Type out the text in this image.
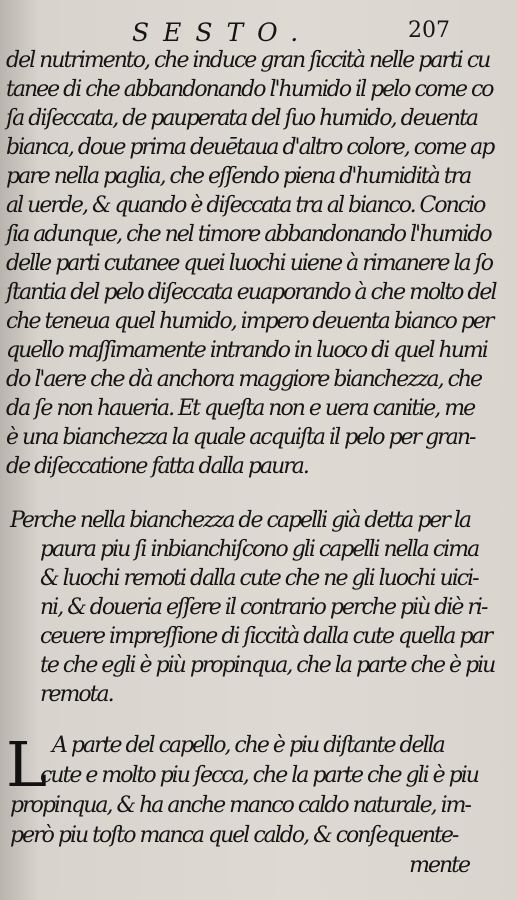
SESTO.	207
del nutrimento, che induce gran ſiccità nelle parti cu
tanee di che abbandonando l'humido il pelo come co
ſa diſeccata, de pauperata del ſuo humido, deuenta
bianca, doue prima deuētaua d'altro colore, come ap
pare nella paglia, che eſſendo piena d'humidità tra
al uerde, & quando è diſeccata tra al bianco. Concio
ſia adunque, che nel timore abbandonando l'humido
delle parti cutanee quei luochi uiene à rimanere la ſo
ſtantia del pelo diſeccata euaporando à che molto del
che teneua quel humido, impero deuenta bianco per
quello maſſimamente intrando in luoco di quel humi
do l'aere che dà anchora maggiore bianchezza, che
da ſe non haueria. Et queſta non e uera canitie, me
è una bianchezza la quale acquiſta il pelo per gran-
de diſeccatione fatta dalla paura.
Perche nella bianchezza de capelli già detta per la
paura piu ſi inbianchiſcono gli capelli nella cima
& luochi remoti dalla cute che ne gli luochi uici-
ni, & doueria eſſere il contrario perche più diè ri-
ceuere impreſſione di ſiccità dalla cute quella par
te che egli è più propinqua, che la parte che è piu
remota.
L A parte del capello, che è piu diſtante della
cute e molto piu ſecca, che la parte che gli è piu
propinqua, & ha anche manco caldo naturale, im-
però piu toſto manca quel caldo, & conſequente-
mente
